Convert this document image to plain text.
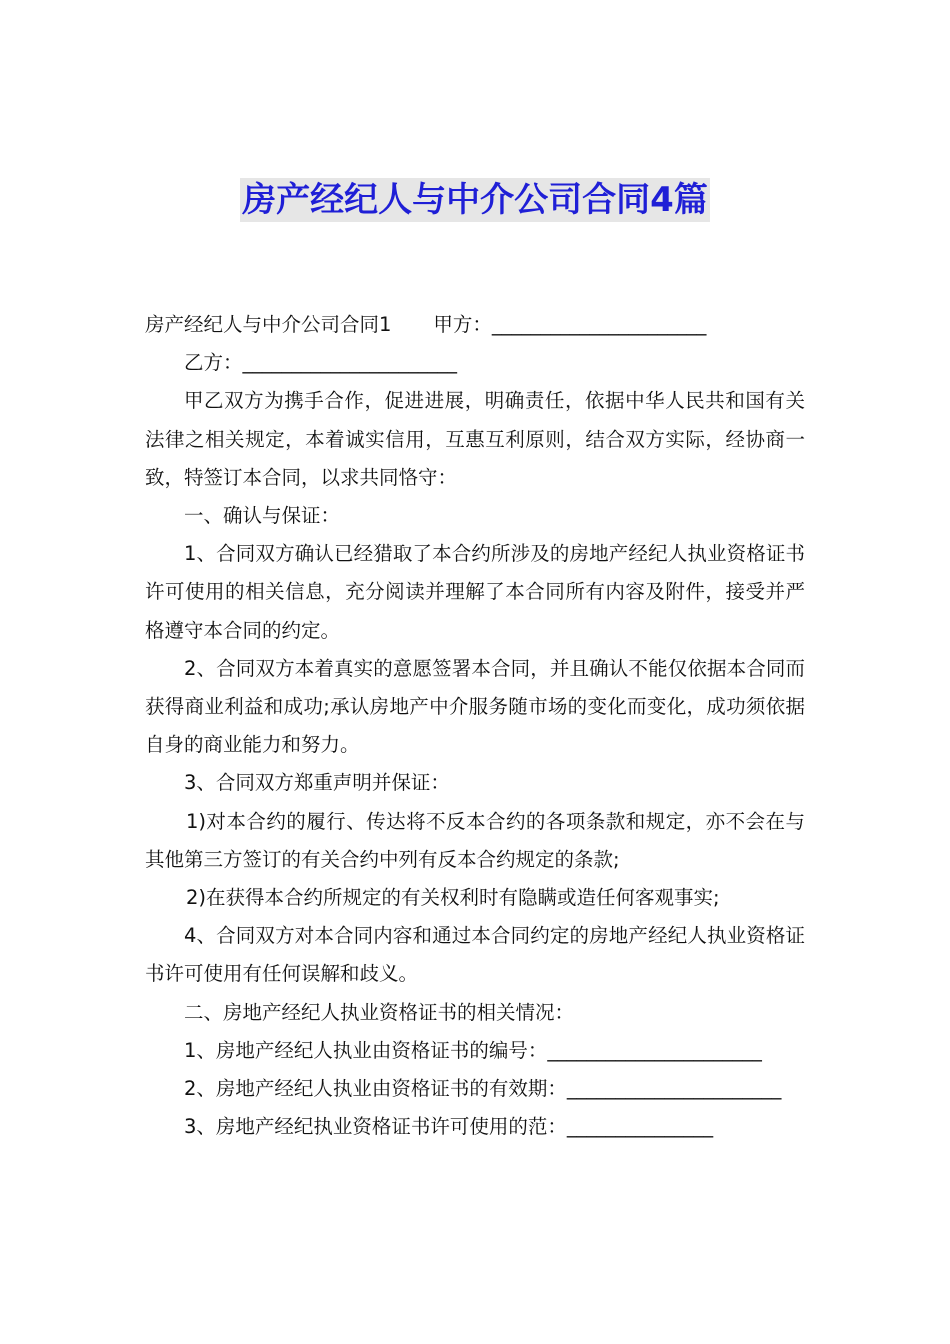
房产经纪人与中介公司合同4篇

房产经纪人与中介公司合同1 甲方：______________________

乙方：______________________

甲乙双方为携手合作，促进进展，明确责任，依据中华人民共和国有关法律之相关规定，本着诚实信用，互惠互利原则，结合双方实际，经协商一致，特签订本合同，以求共同恪守：

一、确认与保证：

1、合同双方确认已经猎取了本合约所涉及的房地产经纪人执业资格证书许可使用的相关信息，充分阅读并理解了本合同所有内容及附件，接受并严格遵守本合同的约定。

2、合同双方本着真实的意愿签署本合同，并且确认不能仅依据本合同而获得商业利益和成功;承认房地产中介服务随市场的变化而变化，成功须依据自身的商业能力和努力。

3、合同双方郑重声明并保证：

1)对本合约的履行、传达将不反本合约的各项条款和规定，亦不会在与其他第三方签订的有关合约中列有反本合约规定的条款;

2)在获得本合约所规定的有关权利时有隐瞒或造任何客观事实;

4、合同双方对本合同内容和通过本合同约定的房地产经纪人执业资格证书许可使用有任何误解和歧义。

二、房地产经纪人执业资格证书的相关情况：

1、房地产经纪人执业由资格证书的编号：______________________

2、房地产经纪人执业由资格证书的有效期：______________________

3、房地产经纪执业资格证书许可使用的范：_______________
